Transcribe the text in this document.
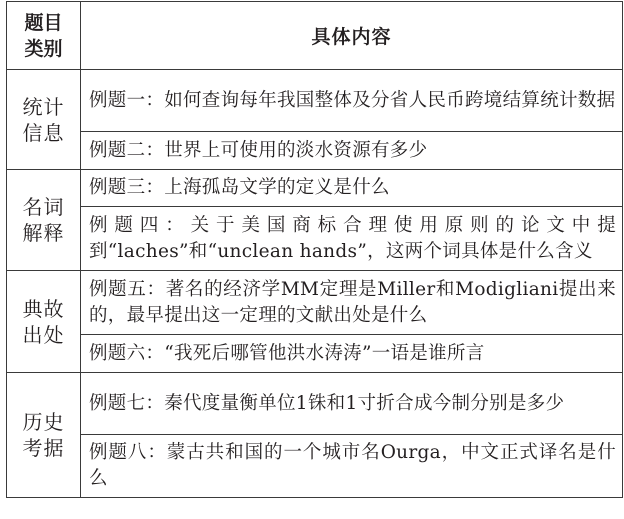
题目
类别	具体内容

统计
信息	例题一：如何查询每年我国整体及分省人民币跨境结算统计数据
	例题二：世界上可使用的淡水资源有多少

名词
解释	例题三：上海孤岛文学的定义是什么
	例题四：关于美国商标合理使用原则的论文中提到“laches”和“unclean hands”，这两个词具体是什么含义

典故
出处	例题五：著名的经济学MM定理是Miller和Modigliani提出来的，最早提出这一定理的文献出处是什么
	例题六：“我死后哪管他洪水涛涛”一语是谁所言

历史
考据	例题七：秦代度量衡单位1铢和1寸折合成今制分别是多少
	例题八：蒙古共和国的一个城市名Ourga，中文正式译名是什么
